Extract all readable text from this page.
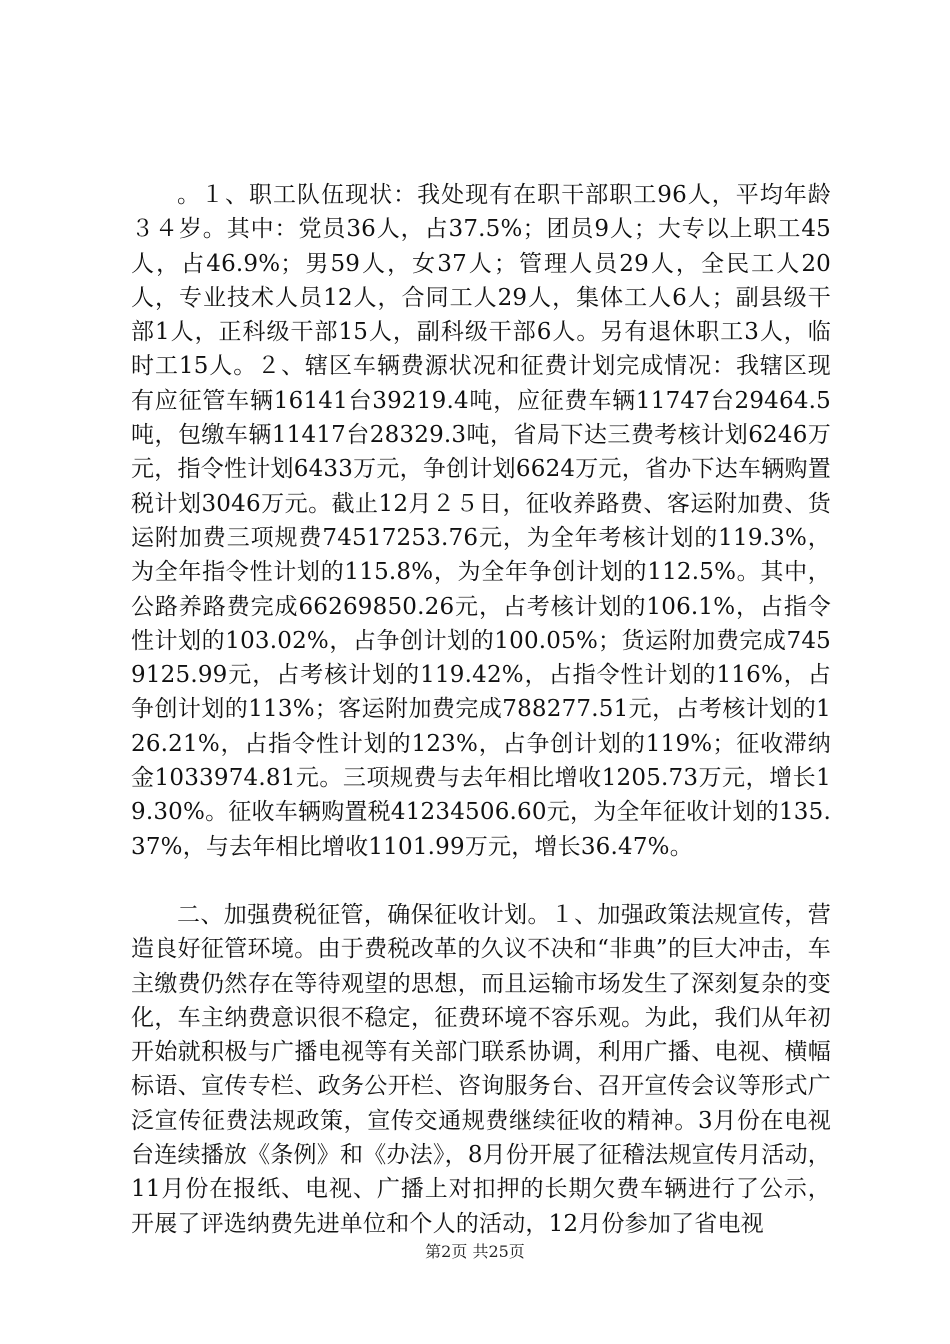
。１、职工队伍现状：我处现有在职干部职工96人，平均年龄３４岁。其中：党员36人，占37.5%；团员9人；大专以上职工45人，占46.9%；男59人，女37人；管理人员29人，全民工人20人，专业技术人员12人，合同工人29人，集体工人6人；副县级干部1人，正科级干部15人，副科级干部6人。另有退休职工3人，临时工15人。２、辖区车辆费源状况和征费计划完成情况：我辖区现有应征管车辆16141台39219.4吨，应征费车辆11747台29464.5吨，包缴车辆11417台28329.3吨，省局下达三费考核计划6246万元，指令性计划6433万元，争创计划6624万元，省办下达车辆购置税计划3046万元。截止12月２５日，征收养路费、客运附加费、货运附加费三项规费74517253.76元，为全年考核计划的119.3%，为全年指令性计划的115.8%，为全年争创计划的112.5%。其中，公路养路费完成66269850.26元，占考核计划的106.1%，占指令性计划的103.02%，占争创计划的100.05%；货运附加费完成7459125.99元，占考核计划的119.42%，占指令性计划的116%，占争创计划的113%；客运附加费完成788277.51元，占考核计划的126.21%，占指令性计划的123%，占争创计划的119%；征收滞纳金1033974.81元。三项规费与去年相比增收1205.73万元，增长19.30%。征收车辆购置税41234506.60元，为全年征收计划的135.37%，与去年相比增收1101.99万元，增长36.47%。

二、加强费税征管，确保征收计划。１、加强政策法规宣传，营造良好征管环境。由于费税改革的久议不决和“非典”的巨大冲击，车主缴费仍然存在等待观望的思想，而且运输市场发生了深刻复杂的变化，车主纳费意识很不稳定，征费环境不容乐观。为此，我们从年初开始就积极与广播电视等有关部门联系协调，利用广播、电视、横幅标语、宣传专栏、政务公开栏、咨询服务台、召开宣传会议等形式广泛宣传征费法规政策，宣传交通规费继续征收的精神。3月份在电视台连续播放《条例》和《办法》，8月份开展了征稽法规宣传月活动，11月份在报纸、电视、广播上对扣押的长期欠费车辆进行了公示，开展了评选纳费先进单位和个人的活动，12月份参加了省电视

第2页 共25页
